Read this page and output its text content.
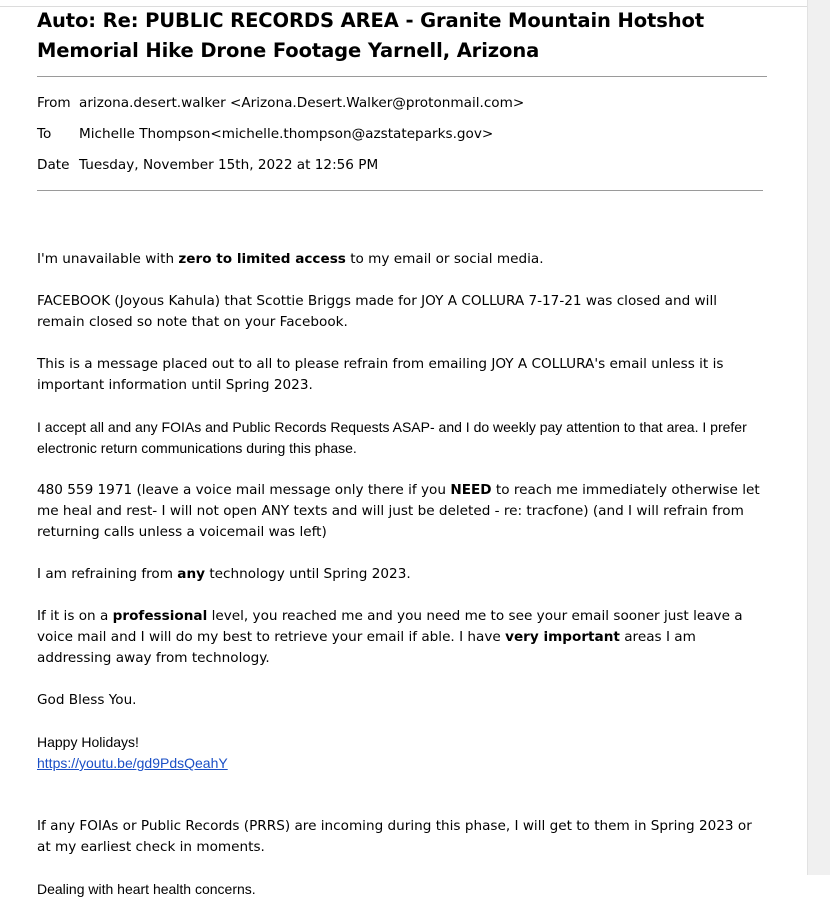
Auto: Re: PUBLIC RECORDS AREA - Granite Mountain Hotshot Memorial Hike Drone Footage Yarnell, Arizona
From arizona.desert.walker <Arizona.Desert.Walker@protonmail.com>
To	Michelle Thompson<michelle.thompson@azstateparks.gov>
Date Tuesday, November 15th, 2022 at 12:56 PM

I'm unavailable with zero to limited access to my email or social media.

FACEBOOK (Joyous Kahula) that Scottie Briggs made for JOY A COLLURA 7-17-21 was closed and will remain closed so note that on your Facebook.

This is a message placed out to all to please refrain from emailing JOY A COLLURA's email unless it is important information until Spring 2023.

I accept all and any FOIAs and Public Records Requests ASAP- and I do weekly pay attention to that area. I prefer electronic return communications during this phase.

480 559 1971 (leave a voice mail message only there if you NEED to reach me immediately otherwise let me heal and rest- I will not open ANY texts and will just be deleted - re: tracfone) (and I will refrain from returning calls unless a voicemail was left)

I am refraining from any technology until Spring 2023.

If it is on a professional level, you reached me and you need me to see your email sooner just leave a voice mail and I will do my best to retrieve your email if able. I have very important areas I am addressing away from technology.

God Bless You.

Happy Holidays!
https://youtu.be/gd9PdsQeahY

If any FOIAs or Public Records (PRRS) are incoming during this phase, I will get to them in Spring 2023 or at my earliest check in moments.

Dealing with heart health concerns.
